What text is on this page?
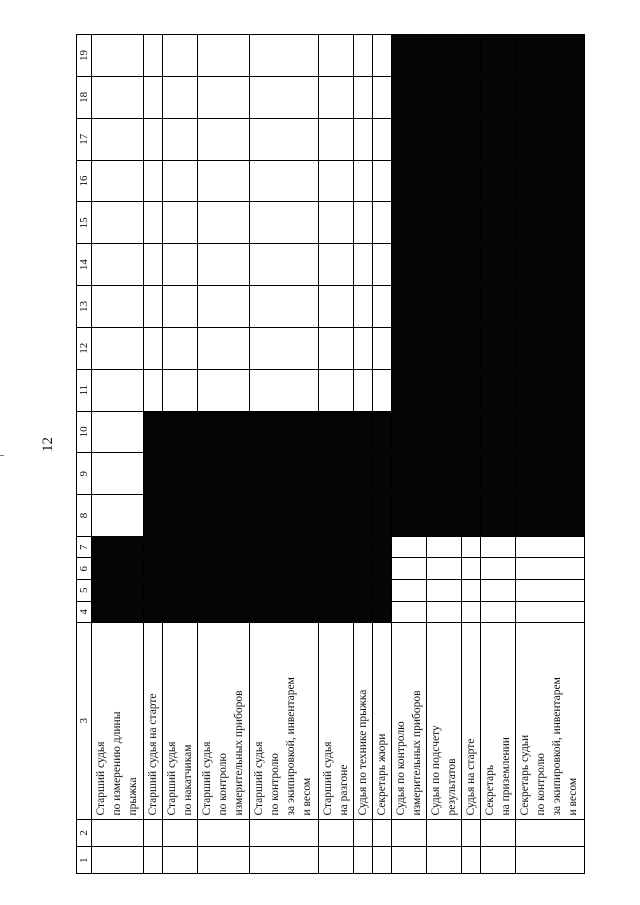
12
1	2	3	4	5	6	7	8	9	10	11	12	13	14	15	16	17	18	19
		Старший судья
по измерению длины
прыжка																
		Старший судья на старте																
		Старший судья
по накатчикам																
		Старший судья
по контролю
измерительных приборов																
		Старший судья
по контролю
за экипировкой, инвентарем
и весом																
		Старший судья
на разгоне																
		Судья по технике прыжка																
		Секретарь жюри																
		Судья по контролю
измерительных приборов																
		Судья по подсчету
результатов																
		Судья на старте																
		Секретарь
на приземлении																
		Секретарь судьи
по контролю
за экипировкой, инвентарем
и весом																
